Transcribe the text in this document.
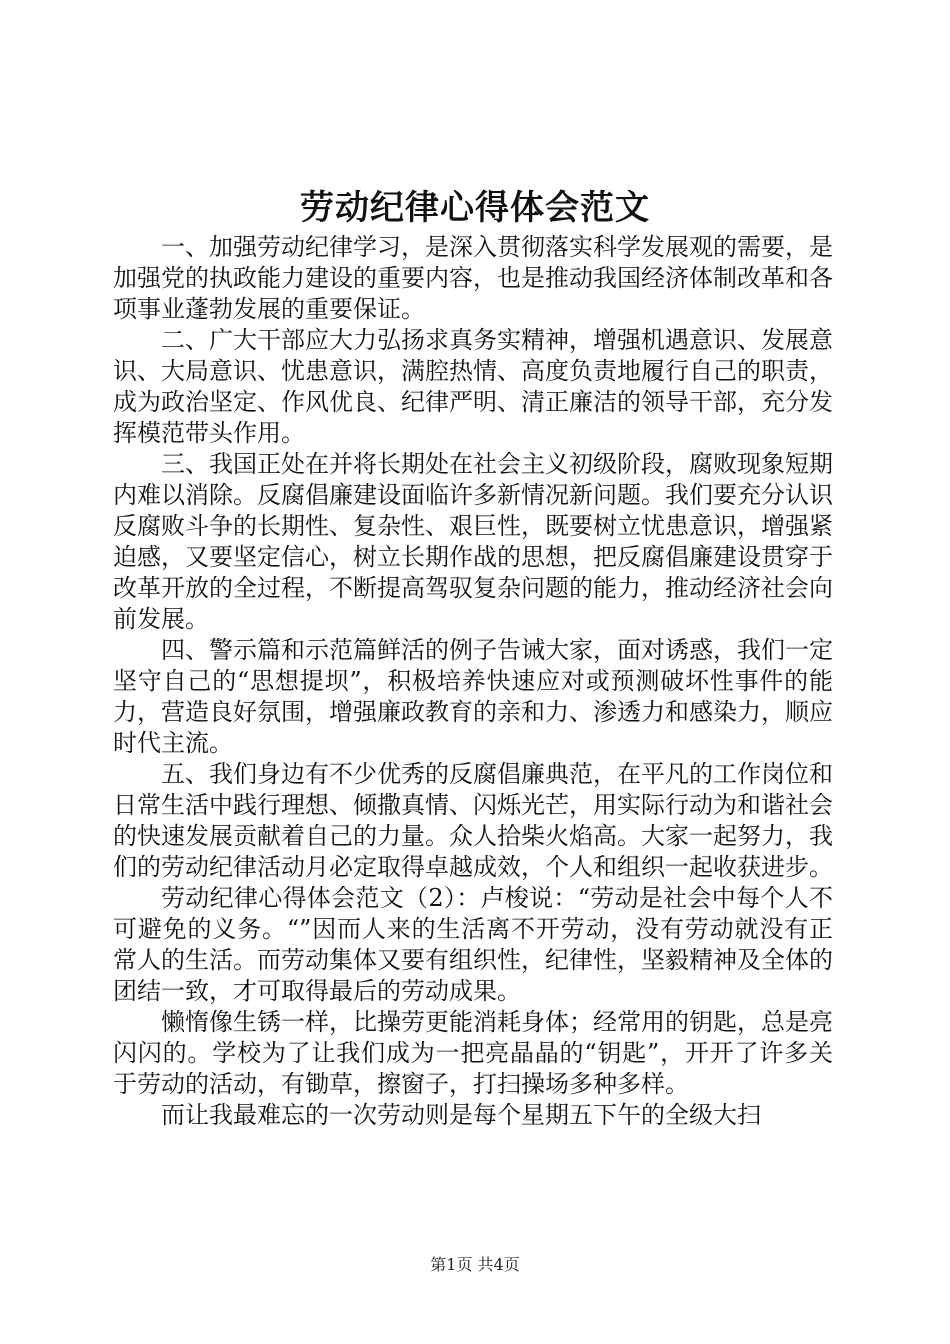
劳动纪律心得体会范文

一、加强劳动纪律学习，是深入贯彻落实科学发展观的需要，是加强党的执政能力建设的重要内容，也是推动我国经济体制改革和各项事业蓬勃发展的重要保证。

二、广大干部应大力弘扬求真务实精神，增强机遇意识、发展意识、大局意识、忧患意识，满腔热情、高度负责地履行自己的职责，成为政治坚定、作风优良、纪律严明、清正廉洁的领导干部，充分发挥模范带头作用。

三、我国正处在并将长期处在社会主义初级阶段，腐败现象短期内难以消除。反腐倡廉建设面临许多新情况新问题。我们要充分认识反腐败斗争的长期性、复杂性、艰巨性，既要树立忧患意识，增强紧迫感，又要坚定信心，树立长期作战的思想，把反腐倡廉建设贯穿于改革开放的全过程，不断提高驾驭复杂问题的能力，推动经济社会向前发展。

四、警示篇和示范篇鲜活的例子告诫大家，面对诱惑，我们一定坚守自己的“思想提坝”，积极培养快速应对或预测破坏性事件的能力，营造良好氛围，增强廉政教育的亲和力、渗透力和感染力，顺应时代主流。

五、我们身边有不少优秀的反腐倡廉典范，在平凡的工作岗位和日常生活中践行理想、倾撒真情、闪烁光芒，用实际行动为和谐社会的快速发展贡献着自己的力量。众人拾柴火焰高。大家一起努力，我们的劳动纪律活动月必定取得卓越成效，个人和组织一起收获进步。

劳动纪律心得体会范文（2）：卢梭说：“劳动是社会中每个人不可避免的义务。“”因而人来的生活离不开劳动，没有劳动就没有正常人的生活。而劳动集体又要有组织性，纪律性，坚毅精神及全体的团结一致，才可取得最后的劳动成果。

懒惰像生锈一样，比操劳更能消耗身体；经常用的钥匙，总是亮闪闪的。学校为了让我们成为一把亮晶晶的“钥匙”，开开了许多关于劳动的活动，有锄草，擦窗子，打扫操场多种多样。

而让我最难忘的一次劳动则是每个星期五下午的全级大扫

第1页 共4页
